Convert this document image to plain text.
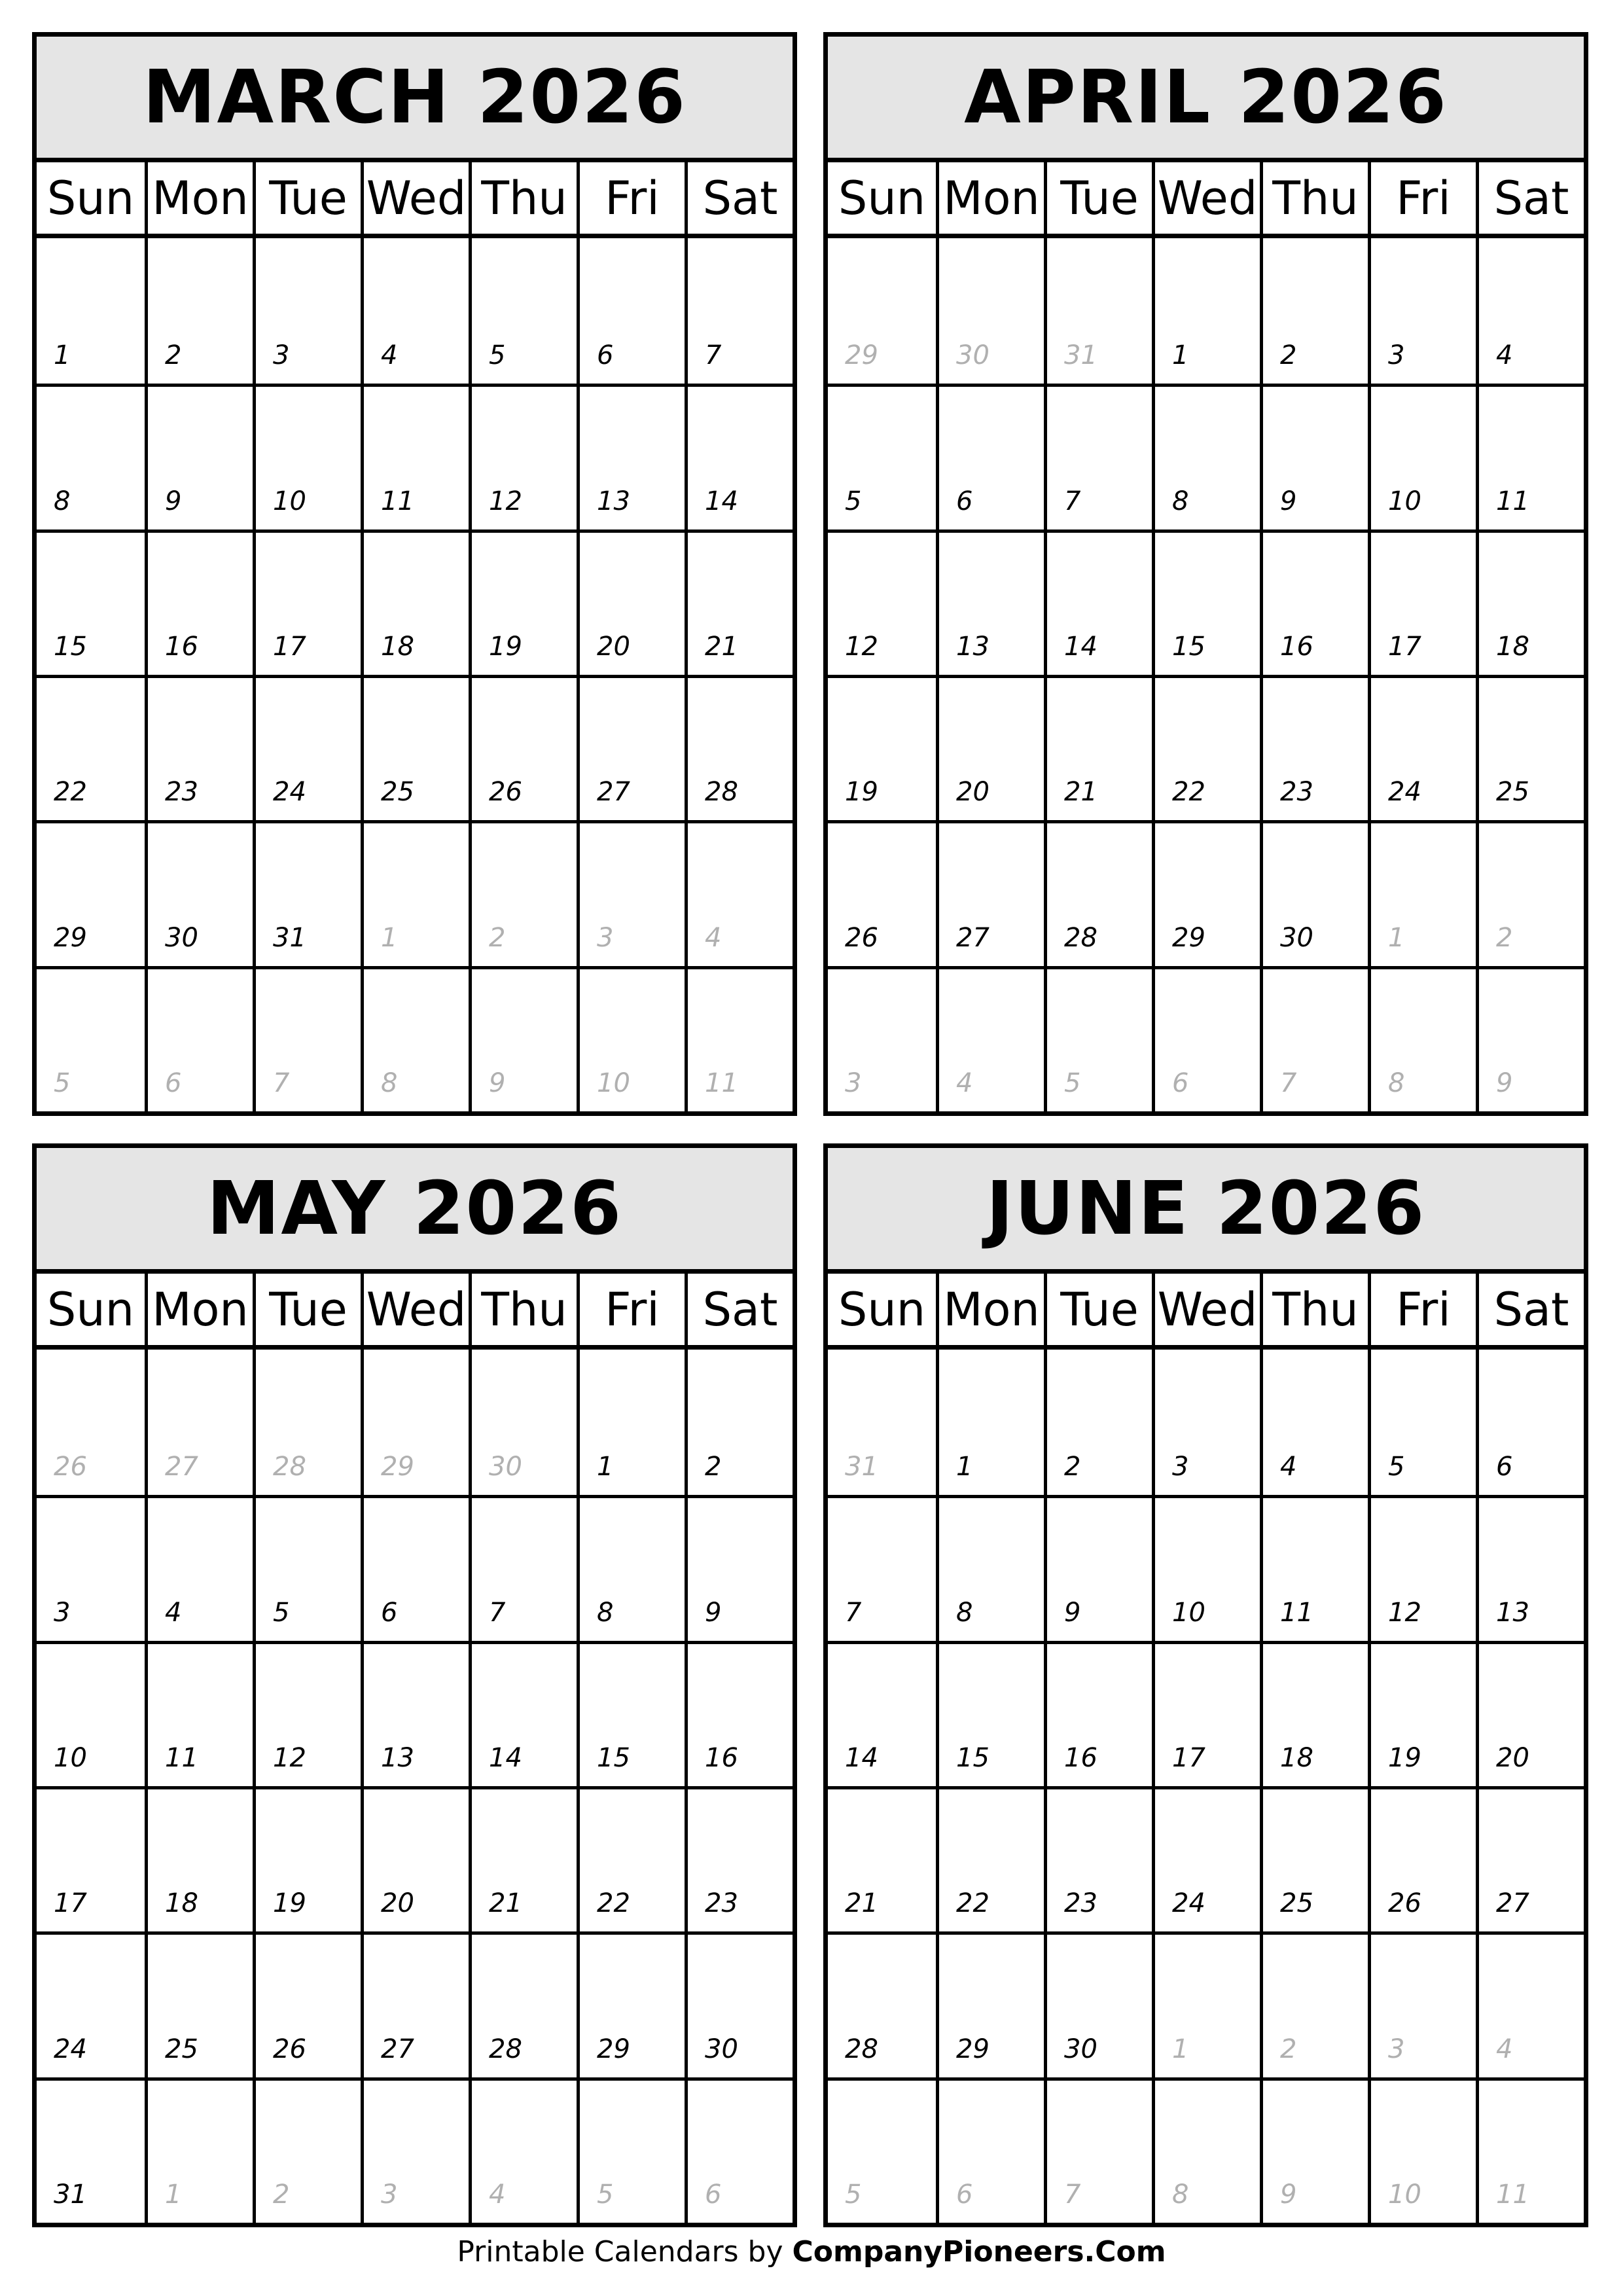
MARCH 2026
Sun Mon Tue Wed Thu Fri Sat
1	2	3	4	5	6	7
8	9	10	11	12	13	14
15	16	17	18	19	20	21
22	23	24	25	26	27	28
29	30	31	1	2	3	4
5	6	7	8	9	10	11
APRIL 2026
Sun Mon Tue Wed Thu Fri Sat
29	30	31	1	2	3	4
5	6	7	8	9	10	11
12	13	14	15	16	17	18
19	20	21	22	23	24	25
26	27	28	29	30	1	2
3	4	5	6	7	8	9
MAY 2026
Sun Mon Tue Wed Thu Fri Sat
26	27	28	29	30	1	2
3	4	5	6	7	8	9
10	11	12	13	14	15	16
17	18	19	20	21	22	23
24	25	26	27	28	29	30
31	1	2	3	4	5	6
JUNE 2026
Sun Mon Tue Wed Thu Fri Sat
31	1	2	3	4	5	6
7	8	9	10	11	12	13
14	15	16	17	18	19	20
21	22	23	24	25	26	27
28	29	30	1	2	3	4
5	6	7	8	9	10	11
Printable Calendars by CompanyPioneers.Com
